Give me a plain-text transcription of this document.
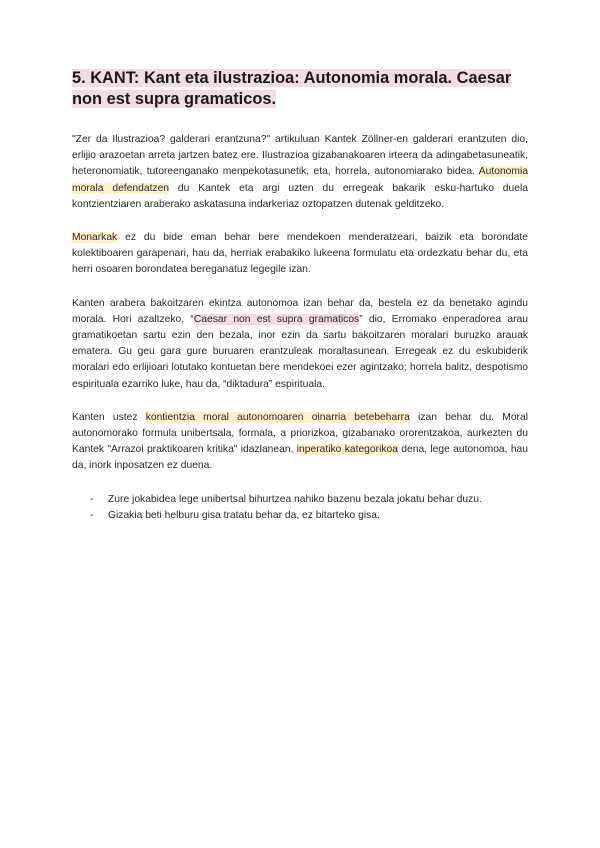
5. KANT: Kant eta ilustrazioa: Autonomia morala. Caesar non est supra gramaticos.

"Zer da Ilustrazioa? galderari erantzuna?" artikuluan Kantek Zöllner-en galderari erantzuten dio, erlijio arazoetan arreta jartzen batez ere. Ilustrazioa gizabanakoaren irteera da adingabetasuneatik, heteronomiatik, tutoreenganako menpekotasunetik, eta, horrela, autonomiarako bidea. Autonomia morala defendatzen du Kantek eta argi uzten du erregeak bakarik esku-hartuko duela kontzientziaren araberako askatasuna indarkeriaz oztopatzen dutenak gelditzeko.

Monarkak ez du bide eman behar bere mendekoen menderatzeari, baizik eta borondate kolektiboaren garapenari, hau da, herriak erabakiko lukeena formulatu eta ordezkatu behar du, eta herri osoaren borondatea bereganatuz legegile izan.

Kanten arabera bakoitzaren ekintza autonomoa izan behar da, bestela ez da benetako agindu morala. Hori azaltzeko, “Caesar non est supra gramaticos” dio, Erromako enperadorea arau gramatikoetan sartu ezin den bezala, inor ezin da sartu bakoitzaren moralari buruzko arauak ematera. Gu geu gara gure buruaren erantzuleak moraltasunean. Erregeak ez du eskubiderik moralari edo erlijioari lotutako kontuetan bere mendekoei ezer agintzako; horrela balitz, despotismo espirituala ezarriko luke, hau da, “diktadura” espirituala.

Kanten ustez kontientzia moral autonomoaren oinarria betebeharra izan behar du. Moral autonomorako formula unibertsala, formala, a priorizkoa, gizabanako ororentzakoa, aurkezten du Kantek "Arrazoi praktikoaren kritika" idazlanean, inperatiko kategorikoa dena, lege autonomoa, hau da, inork inposatzen ez duena.

- Zure jokabidea lege unibertsal bihurtzea nahiko bazenu bezala jokatu behar duzu.
- Gizakia beti helburu gisa tratatu behar da, ez bitarteko gisa.
